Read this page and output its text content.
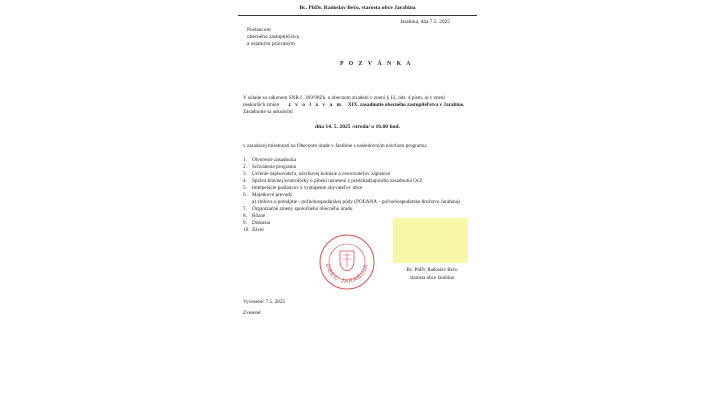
Bc. PhDr. Radoslav Bečo, starosta obce Jarabina
Jarabina, dňa 7.5. 2025
Poslancom
obecného zastupiteľstva
a ostatným prizvaným
P O Z V Á N K A
V súlade so zákonom SNR č. 369/90Zb. o obecnom zriadení v znení § 13, ods. 4 písm. a) v znení
neskorších zmien z v o l á v a m XIX. zasadnutie obecného zastupiteľstva v Jarabine.
Zasadnutie sa uskutoční
dňa 14. 5. 2025 /streda/ o 16.00 hod.
v zasadacej miestnosti na Obecnom úrade v Jarabine s nasledovným návrhom programu:
1. Otvorenie zasadnutia
2. Schválenie programu
3. Určenie zapisovateľa, návrhovej komisie a overovateľov zápisnice
4. Správa hlavnej kontrolórky o plnení uznesení z predchádzajúceho zasadnutia OcZ
5. Interpelácie poslancov a vystúpenie obyvateľov obce
6. Majetkové prevody
a) zmluva o prenájme - poľnohospodárskej pôdy (POĽANA – poľnohospodárske družstvo Jarabina)
7. Organizačné zmeny spoločného obecného úradu
8. Rôzne
9. Diskusia
10. Záver
OBEC JARABINA
Bc. PhDr. Radoslav Bečo
starosta obce Jarabina
Vyvesené: 7.5. 2025
Zvesené:
